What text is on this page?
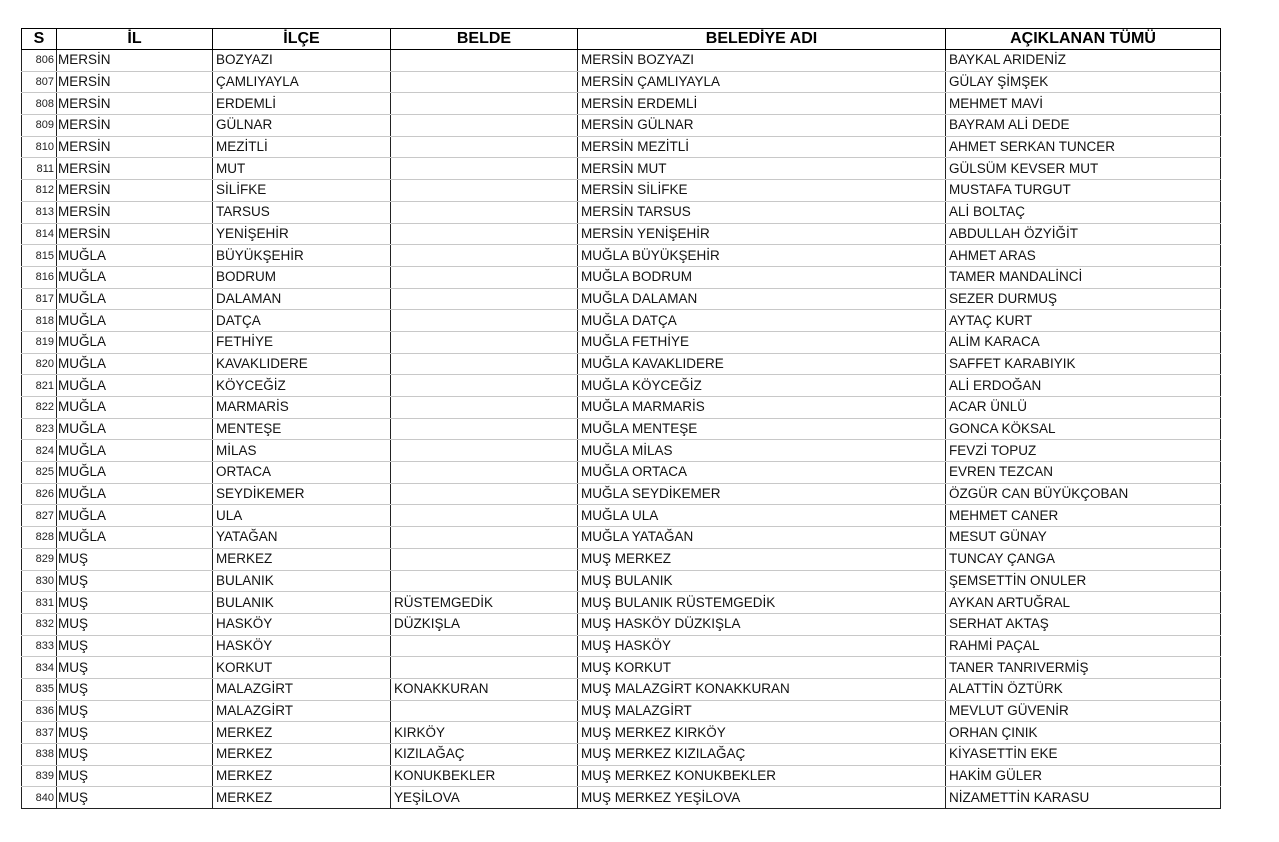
S	İL	İLÇE	BELDE	BELEDİYE ADI	AÇIKLANAN TÜMÜ
806	MERSİN	BOZYAZI		MERSİN BOZYAZI	BAYKAL ARIDENİZ
807	MERSİN	ÇAMLIYAYLA		MERSİN ÇAMLIYAYLA	GÜLAY ŞİMŞEK
808	MERSİN	ERDEMLİ		MERSİN ERDEMLİ	MEHMET MAVİ
809	MERSİN	GÜLNAR		MERSİN GÜLNAR	BAYRAM ALİ DEDE
810	MERSİN	MEZİTLİ		MERSİN MEZİTLİ	AHMET SERKAN TUNCER
811	MERSİN	MUT		MERSİN MUT	GÜLSÜM KEVSER MUT
812	MERSİN	SİLİFKE		MERSİN SİLİFKE	MUSTAFA TURGUT
813	MERSİN	TARSUS		MERSİN TARSUS	ALİ BOLTAÇ
814	MERSİN	YENİŞEHİR		MERSİN YENİŞEHİR	ABDULLAH ÖZYİĞİT
815	MUĞLA	BÜYÜKŞEHİR		MUĞLA BÜYÜKŞEHİR	AHMET ARAS
816	MUĞLA	BODRUM		MUĞLA BODRUM	TAMER MANDALİNCİ
817	MUĞLA	DALAMAN		MUĞLA DALAMAN	SEZER DURMUŞ
818	MUĞLA	DATÇA		MUĞLA DATÇA	AYTAÇ KURT
819	MUĞLA	FETHİYE		MUĞLA FETHİYE	ALİM KARACA
820	MUĞLA	KAVAKLIDERE		MUĞLA KAVAKLIDERE	SAFFET KARABIYIK
821	MUĞLA	KÖYCEĞİZ		MUĞLA KÖYCEĞİZ	ALİ ERDOĞAN
822	MUĞLA	MARMARİS		MUĞLA MARMARİS	ACAR ÜNLÜ
823	MUĞLA	MENTEŞE		MUĞLA MENTEŞE	GONCA KÖKSAL
824	MUĞLA	MİLAS		MUĞLA MİLAS	FEVZİ TOPUZ
825	MUĞLA	ORTACA		MUĞLA ORTACA	EVREN TEZCAN
826	MUĞLA	SEYDİKEMER		MUĞLA SEYDİKEMER	ÖZGÜR CAN BÜYÜKÇOBAN
827	MUĞLA	ULA		MUĞLA ULA	MEHMET CANER
828	MUĞLA	YATAĞAN		MUĞLA YATAĞAN	MESUT GÜNAY
829	MUŞ	MERKEZ		MUŞ MERKEZ	TUNCAY ÇANGA
830	MUŞ	BULANIK		MUŞ BULANIK	ŞEMSETTİN ONULER
831	MUŞ	BULANIK	RÜSTEMGEDİK	MUŞ BULANIK RÜSTEMGEDİK	AYKAN ARTUĞRAL
832	MUŞ	HASKÖY	DÜZKIŞLA	MUŞ HASKÖY DÜZKIŞLA	SERHAT AKTAŞ
833	MUŞ	HASKÖY		MUŞ HASKÖY	RAHMİ PAÇAL
834	MUŞ	KORKUT		MUŞ KORKUT	TANER TANRIVERMİŞ
835	MUŞ	MALAZGİRT	KONAKKURAN	MUŞ MALAZGİRT KONAKKURAN	ALATTİN ÖZTÜRK
836	MUŞ	MALAZGİRT		MUŞ MALAZGİRT	MEVLUT GÜVENİR
837	MUŞ	MERKEZ	KIRKÖY	MUŞ MERKEZ KIRKÖY	ORHAN ÇINIK
838	MUŞ	MERKEZ	KIZILAĞAÇ	MUŞ MERKEZ KIZILAĞAÇ	KİYASETTİN EKE
839	MUŞ	MERKEZ	KONUKBEKLER	MUŞ MERKEZ KONUKBEKLER	HAKİM GÜLER
840	MUŞ	MERKEZ	YEŞİLOVA	MUŞ MERKEZ YEŞİLOVA	NİZAMETTİN KARASU
